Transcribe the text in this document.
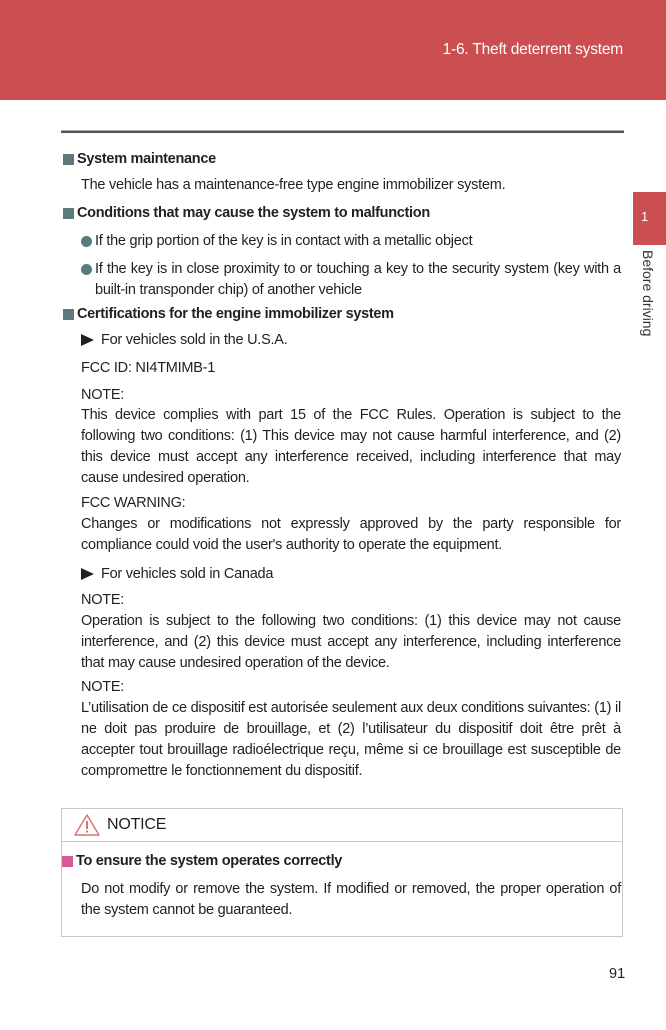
1-6. Theft deterrent system
1
Before driving
System maintenance
The vehicle has a maintenance-free type engine immobilizer system.
Conditions that may cause the system to malfunction
If the grip portion of the key is in contact with a metallic object
If the key is in close proximity to or touching a key to the security system (key with a built-in transponder chip) of another vehicle
Certifications for the engine immobilizer system
For vehicles sold in the U.S.A.
FCC ID: NI4TMIMB-1
NOTE:
This device complies with part 15 of the FCC Rules. Operation is subject to the following two conditions: (1) This device may not cause harmful interference, and (2) this device must accept any interference received, including interference that may cause undesired operation.
FCC WARNING:
Changes or modifications not expressly approved by the party responsible for compliance could void the user's authority to operate the equipment.
For vehicles sold in Canada
NOTE:
Operation is subject to the following two conditions: (1) this device may not cause interference, and (2) this device must accept any interference, including interference that may cause undesired operation of the device.
NOTE:
L’utilisation de ce dispositif est autorisée seulement aux deux conditions suivantes: (1) il ne doit pas produire de brouillage, et (2) l’utilisateur du dispositif doit être prêt à accepter tout brouillage radioélectrique reçu, même si ce brouillage est susceptible de compromettre le fonctionnement du dispositif.
NOTICE
To ensure the system operates correctly
Do not modify or remove the system. If modified or removed, the proper operation of the system cannot be guaranteed.
91
